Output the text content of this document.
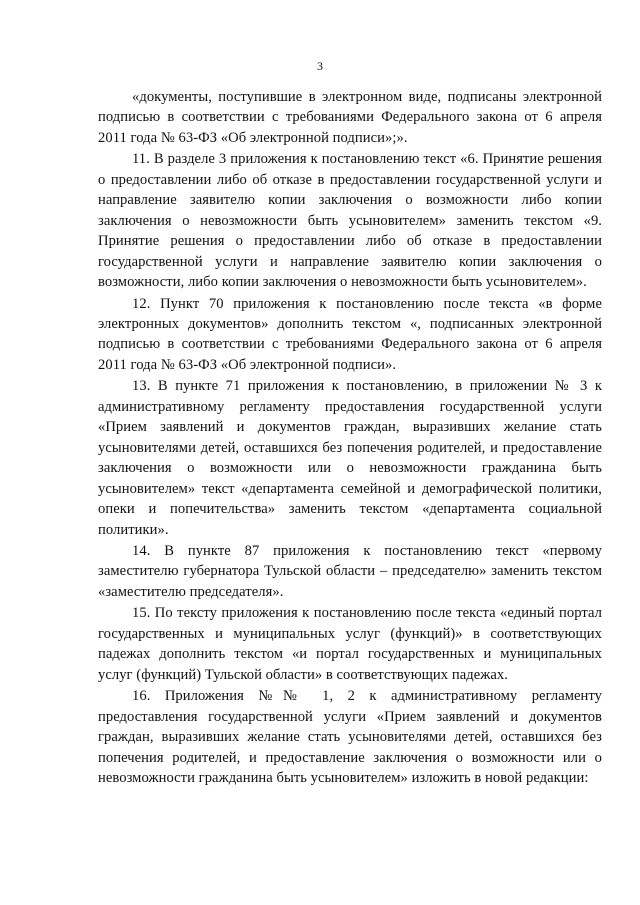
3

«документы, поступившие в электронном виде, подписаны электронной подписью в соответствии с требованиями Федерального закона от 6 апреля 2011 года № 63-ФЗ «Об электронной подписи»;».

11. В разделе 3 приложения к постановлению текст «6. Принятие решения о предоставлении либо об отказе в предоставлении государственной услуги и направление заявителю копии заключения о возможности либо копии заключения о невозможности быть усыновителем» заменить текстом «9. Принятие решения о предоставлении либо об отказе в предоставлении государственной услуги и направление заявителю копии заключения о возможности, либо копии заключения о невозможности быть усыновителем».

12. Пункт 70 приложения к постановлению после текста «в форме электронных документов» дополнить текстом «, подписанных электронной подписью в соответствии с требованиями Федерального закона от 6 апреля 2011 года № 63-ФЗ «Об электронной подписи».

13. В пункте 71 приложения к постановлению, в приложении № 3 к административному регламенту предоставления государственной услуги «Прием заявлений и документов граждан, выразивших желание стать усыновителями детей, оставшихся без попечения родителей, и предоставление заключения о возможности или о невозможности гражданина быть усыновителем» текст «департамента семейной и демографической политики, опеки и попечительства» заменить текстом «департамента социальной политики».

14. В пункте 87 приложения к постановлению текст «первому заместителю губернатора Тульской области – председателю» заменить текстом «заместителю председателя».

15. По тексту приложения к постановлению после текста «единый портал государственных и муниципальных услуг (функций)» в соответствующих падежах дополнить текстом «и портал государственных и муниципальных услуг (функций) Тульской области» в соответствующих падежах.

16. Приложения №№ 1, 2 к административному регламенту предоставления государственной услуги «Прием заявлений и документов граждан, выразивших желание стать усыновителями детей, оставшихся без попечения родителей, и предоставление заключения о возможности или о невозможности гражданина быть усыновителем» изложить в новой редакции:
